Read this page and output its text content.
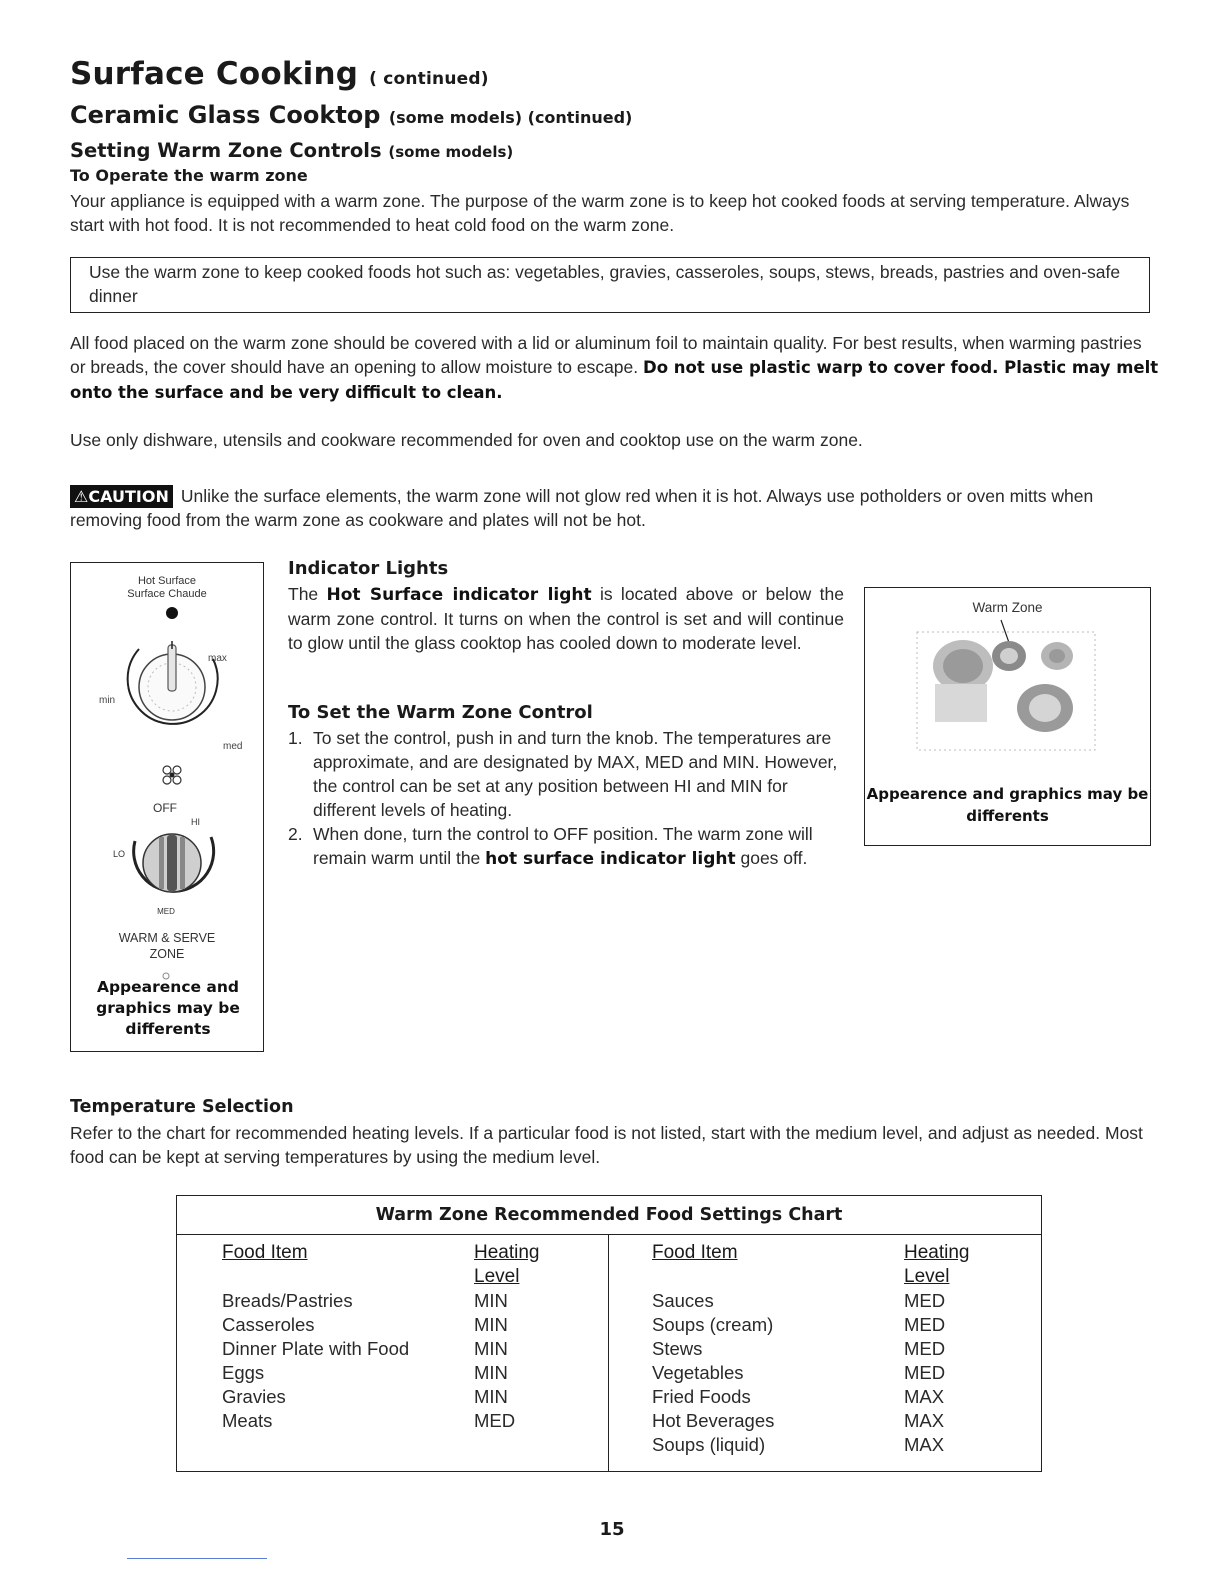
Surface Cooking ( continued)
Ceramic Glass Cooktop (some models) (continued)
Setting Warm Zone Controls (some models)
To Operate the warm zone
Your appliance is equipped with a warm zone. The purpose of the warm zone is to keep hot cooked foods at serving temperature. Always start with hot food. It is not recommended to heat cold food on the warm zone.
Use the warm zone to keep cooked foods hot such as: vegetables, gravies, casseroles, soups, stews, breads, pastries and oven-safe dinner
All food placed on the warm zone should be covered with a lid or aluminum foil to maintain quality. For best results, when warming pastries or breads, the cover should have an opening to allow moisture to escape. Do not use plastic warp to cover food. Plastic may melt onto the surface and be very difficult to clean.
Use only dishware, utensils and cookware recommended for oven and cooktop use on the warm zone.
⚠CAUTION Unlike the surface elements, the warm zone will not glow red when it is hot. Always use potholders or oven mitts when removing food from the warm zone as cookware and plates will not be hot.
Hot Surface
Surface Chaude
max
min
med
OFF
HI
LO
MED
WARM & SERVE
ZONE
Appearence and graphics may be differents
Indicator Lights
The Hot Surface indicator light is located above or below the warm zone control. It turns on when the control is set and will continue to glow until the glass cooktop has cooled down to moderate level.
To Set the Warm Zone Control
1. To set the control, push in and turn the knob. The temperatures are approximate, and are designated by MAX, MED and MIN. However, the control can be set at any position between HI and MIN for different levels of heating.
2. When done, turn the control to OFF position. The warm zone will remain warm until the hot surface indicator light goes off.
Warm Zone
Appearence and graphics may be differents
Temperature Selection
Refer to the chart for recommended heating levels. If a particular food is not listed, start with the medium level, and adjust as needed. Most food can be kept at serving temperatures by using the medium level.
Warm Zone Recommended Food Settings Chart
Food Item	Heating
Level
Food Item	Heating
Level
Breads/Pastries	MIN
Casseroles	MIN
Dinner Plate with Food	MIN
Eggs	MIN
Gravies	MIN
Meats	MED
Sauces	MED
Soups (cream)	MED
Stews	MED
Vegetables	MED
Fried Foods	MAX
Hot Beverages	MAX
Soups (liquid)	MAX
15
